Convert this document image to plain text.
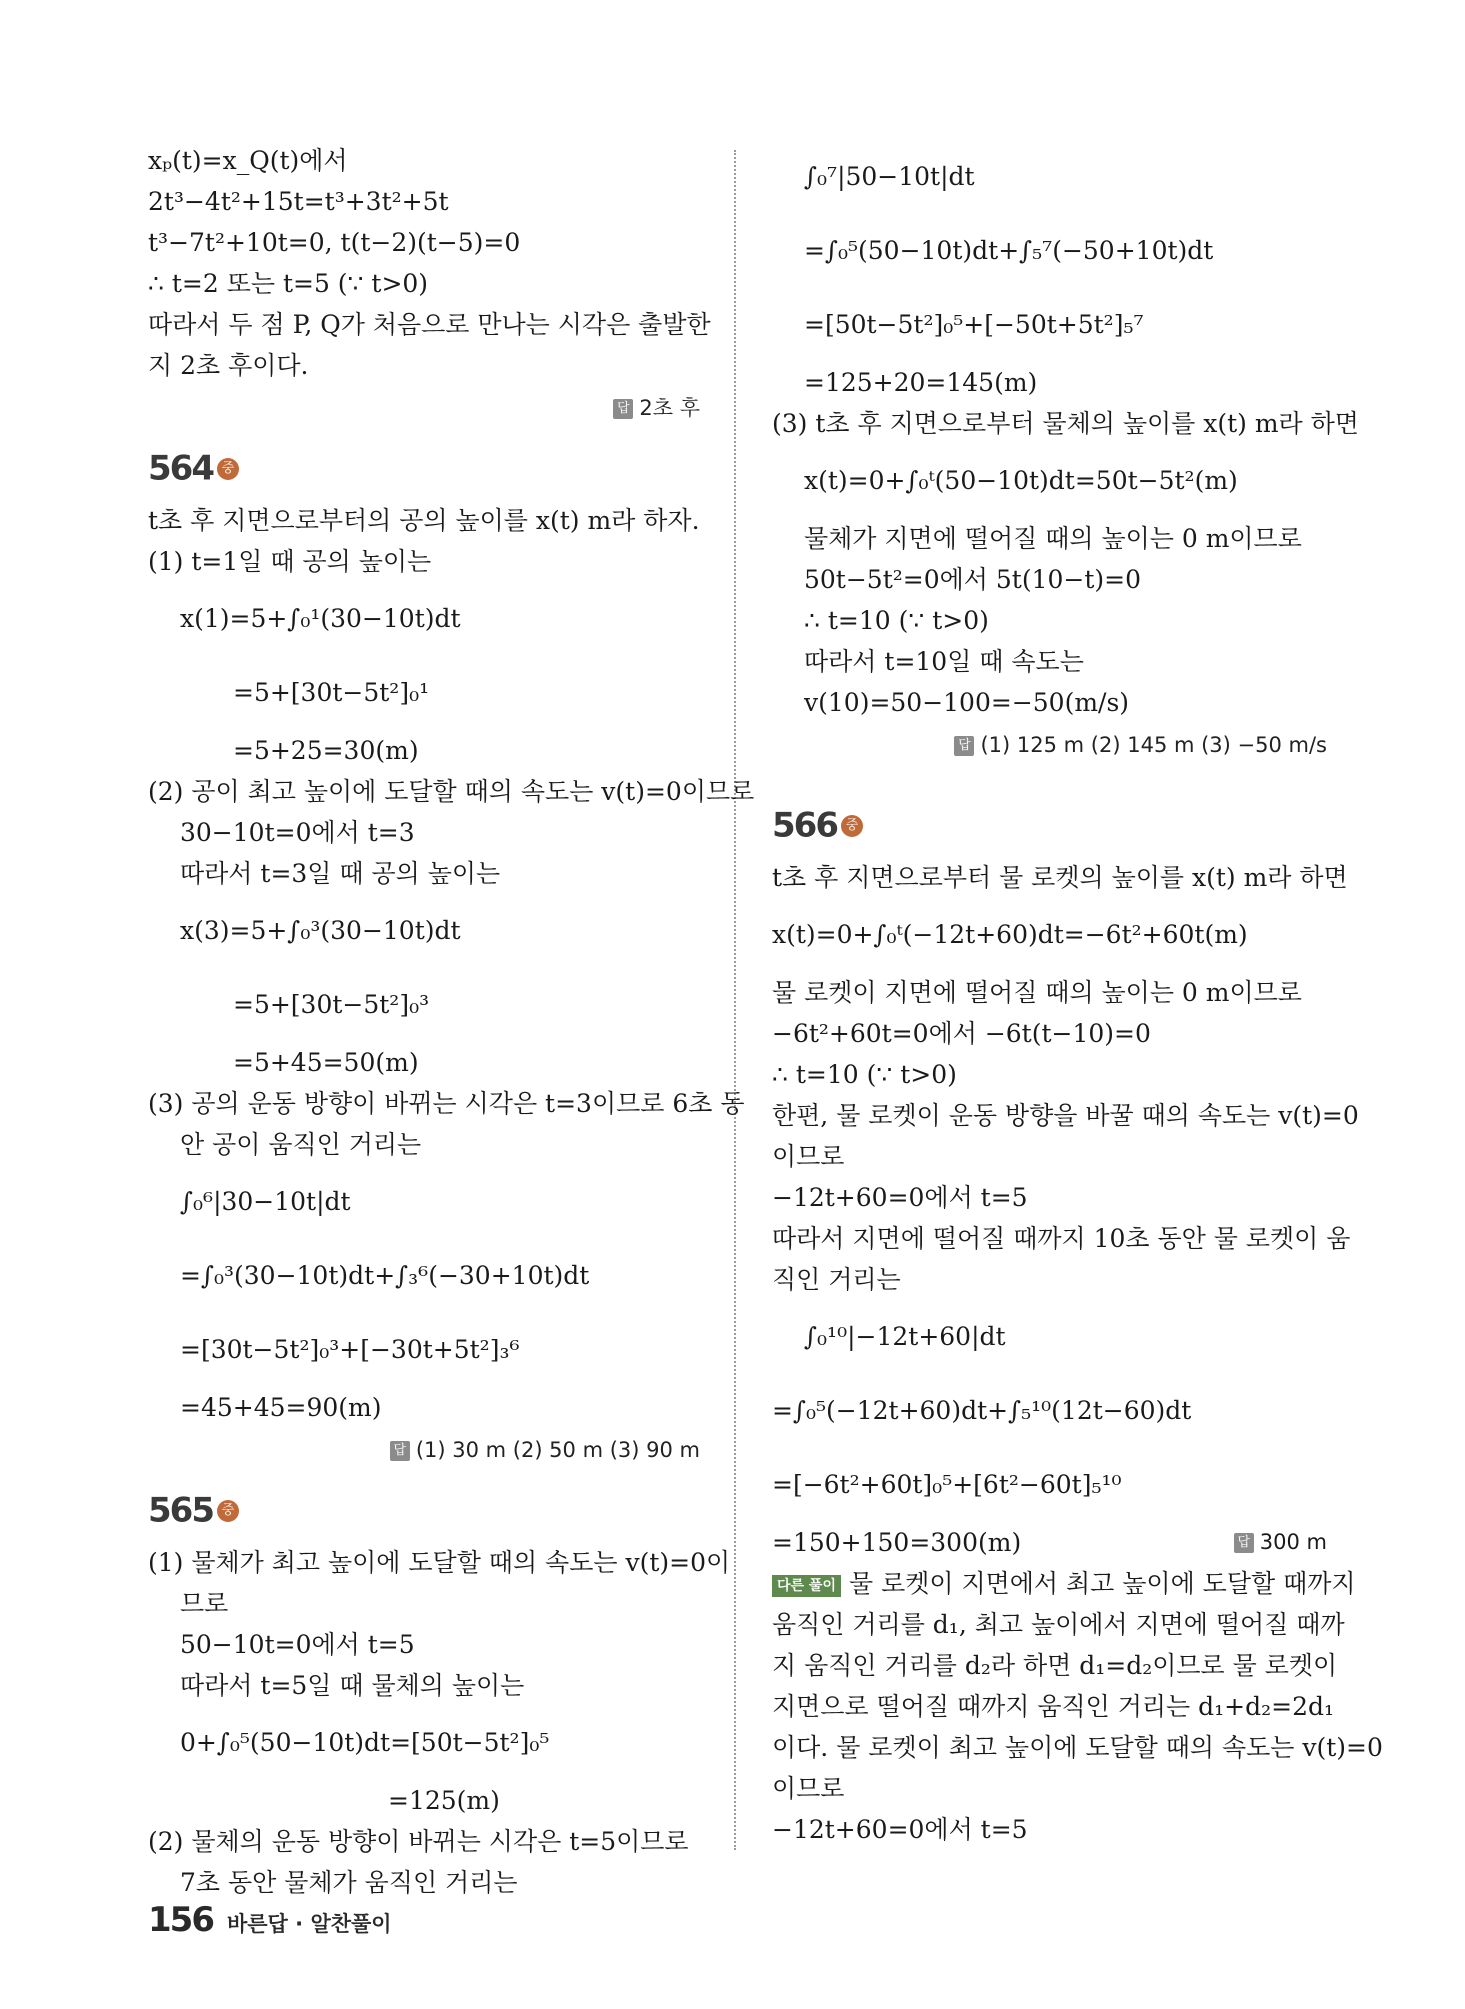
xₚ(t)=x_Q(t)에서
2t³−4t²+15t=t³+3t²+5t
t³−7t²+10t=0, t(t−2)(t−5)=0
∴ t=2 또는 t=5 (∵ t>0)
따라서 두 점 P, Q가 처음으로 만나는 시각은 출발한
지 2초 후이다.
답 2초 후
564 중
t초 후 지면으로부터의 공의 높이를 x(t) m라 하자.
(1) t=1일 때 공의 높이는
x(1)=5+∫₀¹(30−10t)dt
=5+[30t−5t²]₀¹
=5+25=30(m)
(2) 공이 최고 높이에 도달할 때의 속도는 v(t)=0이므로
30−10t=0에서 t=3
따라서 t=3일 때 공의 높이는
x(3)=5+∫₀³(30−10t)dt
=5+[30t−5t²]₀³
=5+45=50(m)
(3) 공의 운동 방향이 바뀌는 시각은 t=3이므로 6초 동
안 공이 움직인 거리는
∫₀⁶|30−10t|dt
=∫₀³(30−10t)dt+∫₃⁶(−30+10t)dt
=[30t−5t²]₀³+[−30t+5t²]₃⁶
=45+45=90(m)
답 (1) 30 m (2) 50 m (3) 90 m
565 중
(1) 물체가 최고 높이에 도달할 때의 속도는 v(t)=0이
므로
50−10t=0에서 t=5
따라서 t=5일 때 물체의 높이는
0+∫₀⁵(50−10t)dt=[50t−5t²]₀⁵
=125(m)
(2) 물체의 운동 방향이 바뀌는 시각은 t=5이므로
7초 동안 물체가 움직인 거리는
∫₀⁷|50−10t|dt
=∫₀⁵(50−10t)dt+∫₅⁷(−50+10t)dt
=[50t−5t²]₀⁵+[−50t+5t²]₅⁷
=125+20=145(m)
(3) t초 후 지면으로부터 물체의 높이를 x(t) m라 하면
x(t)=0+∫₀ᵗ(50−10t)dt=50t−5t²(m)
물체가 지면에 떨어질 때의 높이는 0 m이므로
50t−5t²=0에서 5t(10−t)=0
∴ t=10 (∵ t>0)
따라서 t=10일 때 속도는
v(10)=50−100=−50(m/s)
답 (1) 125 m (2) 145 m (3) −50 m/s
566 중
t초 후 지면으로부터 물 로켓의 높이를 x(t) m라 하면
x(t)=0+∫₀ᵗ(−12t+60)dt=−6t²+60t(m)
물 로켓이 지면에 떨어질 때의 높이는 0 m이므로
−6t²+60t=0에서 −6t(t−10)=0
∴ t=10 (∵ t>0)
한편, 물 로켓이 운동 방향을 바꿀 때의 속도는 v(t)=0
이므로
−12t+60=0에서 t=5
따라서 지면에 떨어질 때까지 10초 동안 물 로켓이 움
직인 거리는
∫₀¹⁰|−12t+60|dt
=∫₀⁵(−12t+60)dt+∫₅¹⁰(12t−60)dt
=[−6t²+60t]₀⁵+[6t²−60t]₅¹⁰
=150+150=300(m)	답 300 m
다른 풀이 물 로켓이 지면에서 최고 높이에 도달할 때까지
움직인 거리를 d₁, 최고 높이에서 지면에 떨어질 때까
지 움직인 거리를 d₂라 하면 d₁=d₂이므로 물 로켓이
지면으로 떨어질 때까지 움직인 거리는 d₁+d₂=2d₁
이다. 물 로켓이 최고 높이에 도달할 때의 속도는 v(t)=0
이므로
−12t+60=0에서 t=5
156 바른답 · 알찬풀이
